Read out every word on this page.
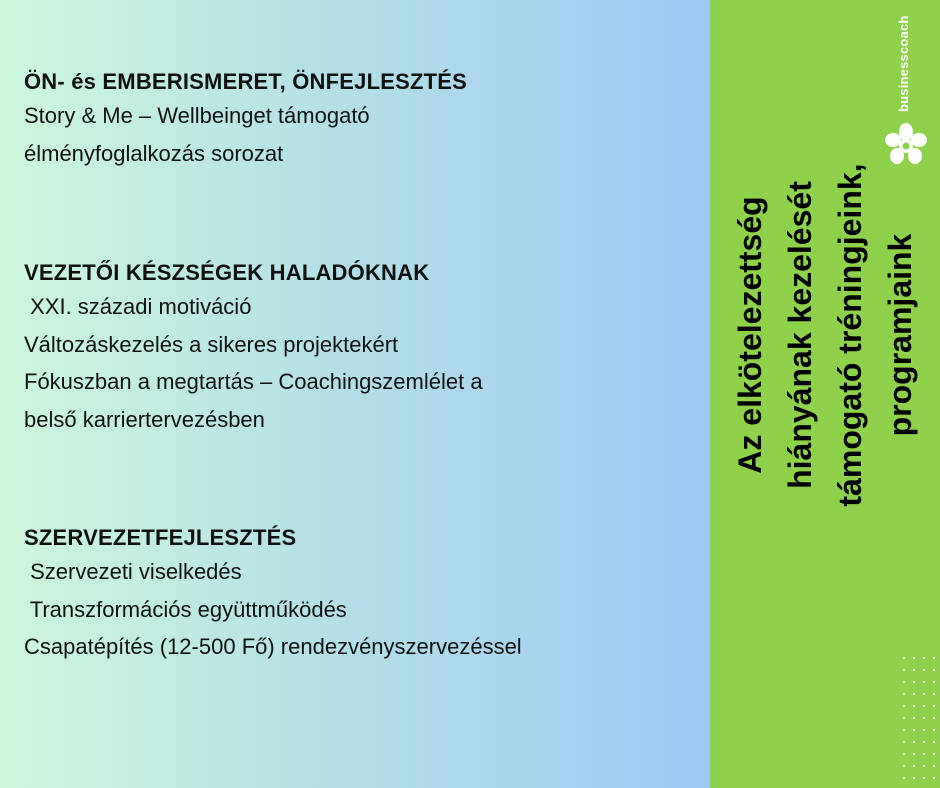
ÖN- és EMBERISMERET, ÖNFEJLESZTÉS
Story & Me – Wellbeinget támogató
élményfoglalkozás sorozat
VEZETŐI KÉSZSÉGEK HALADÓKNAK
XXI. századi motiváció
Változáskezelés a sikeres projektekért
Fókuszban a megtartás – Coachingszemlélet a
belső karriertervezésben
SZERVEZETFEJLESZTÉS
Szervezeti viselkedés
Transzformációs együttműködés
Csapatépítés (12-500 Fő) rendezvényszervezéssel
Az elkötelezettség hiányának kezelését támogató tréningjeink, programjaink
businesscoach
